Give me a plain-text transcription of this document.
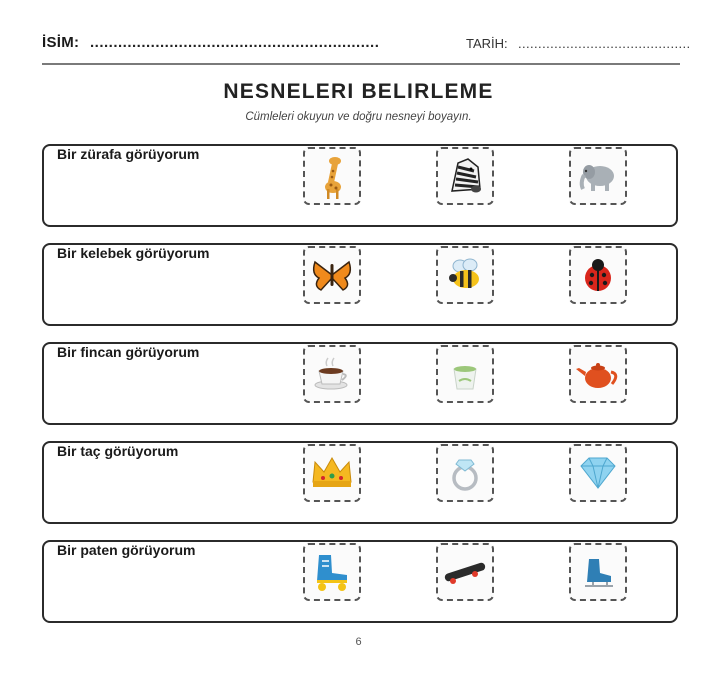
İSİM: ..............................................................	TARİH: ...........................................
NESNELERI BELIRLEME
Cümleleri okuyun ve doğru nesneyi boyayın.
Bir zürafa görüyorum
Bir kelebek görüyorum
Bir fincan görüyorum
Bir taç görüyorum
Bir paten görüyorum
6
